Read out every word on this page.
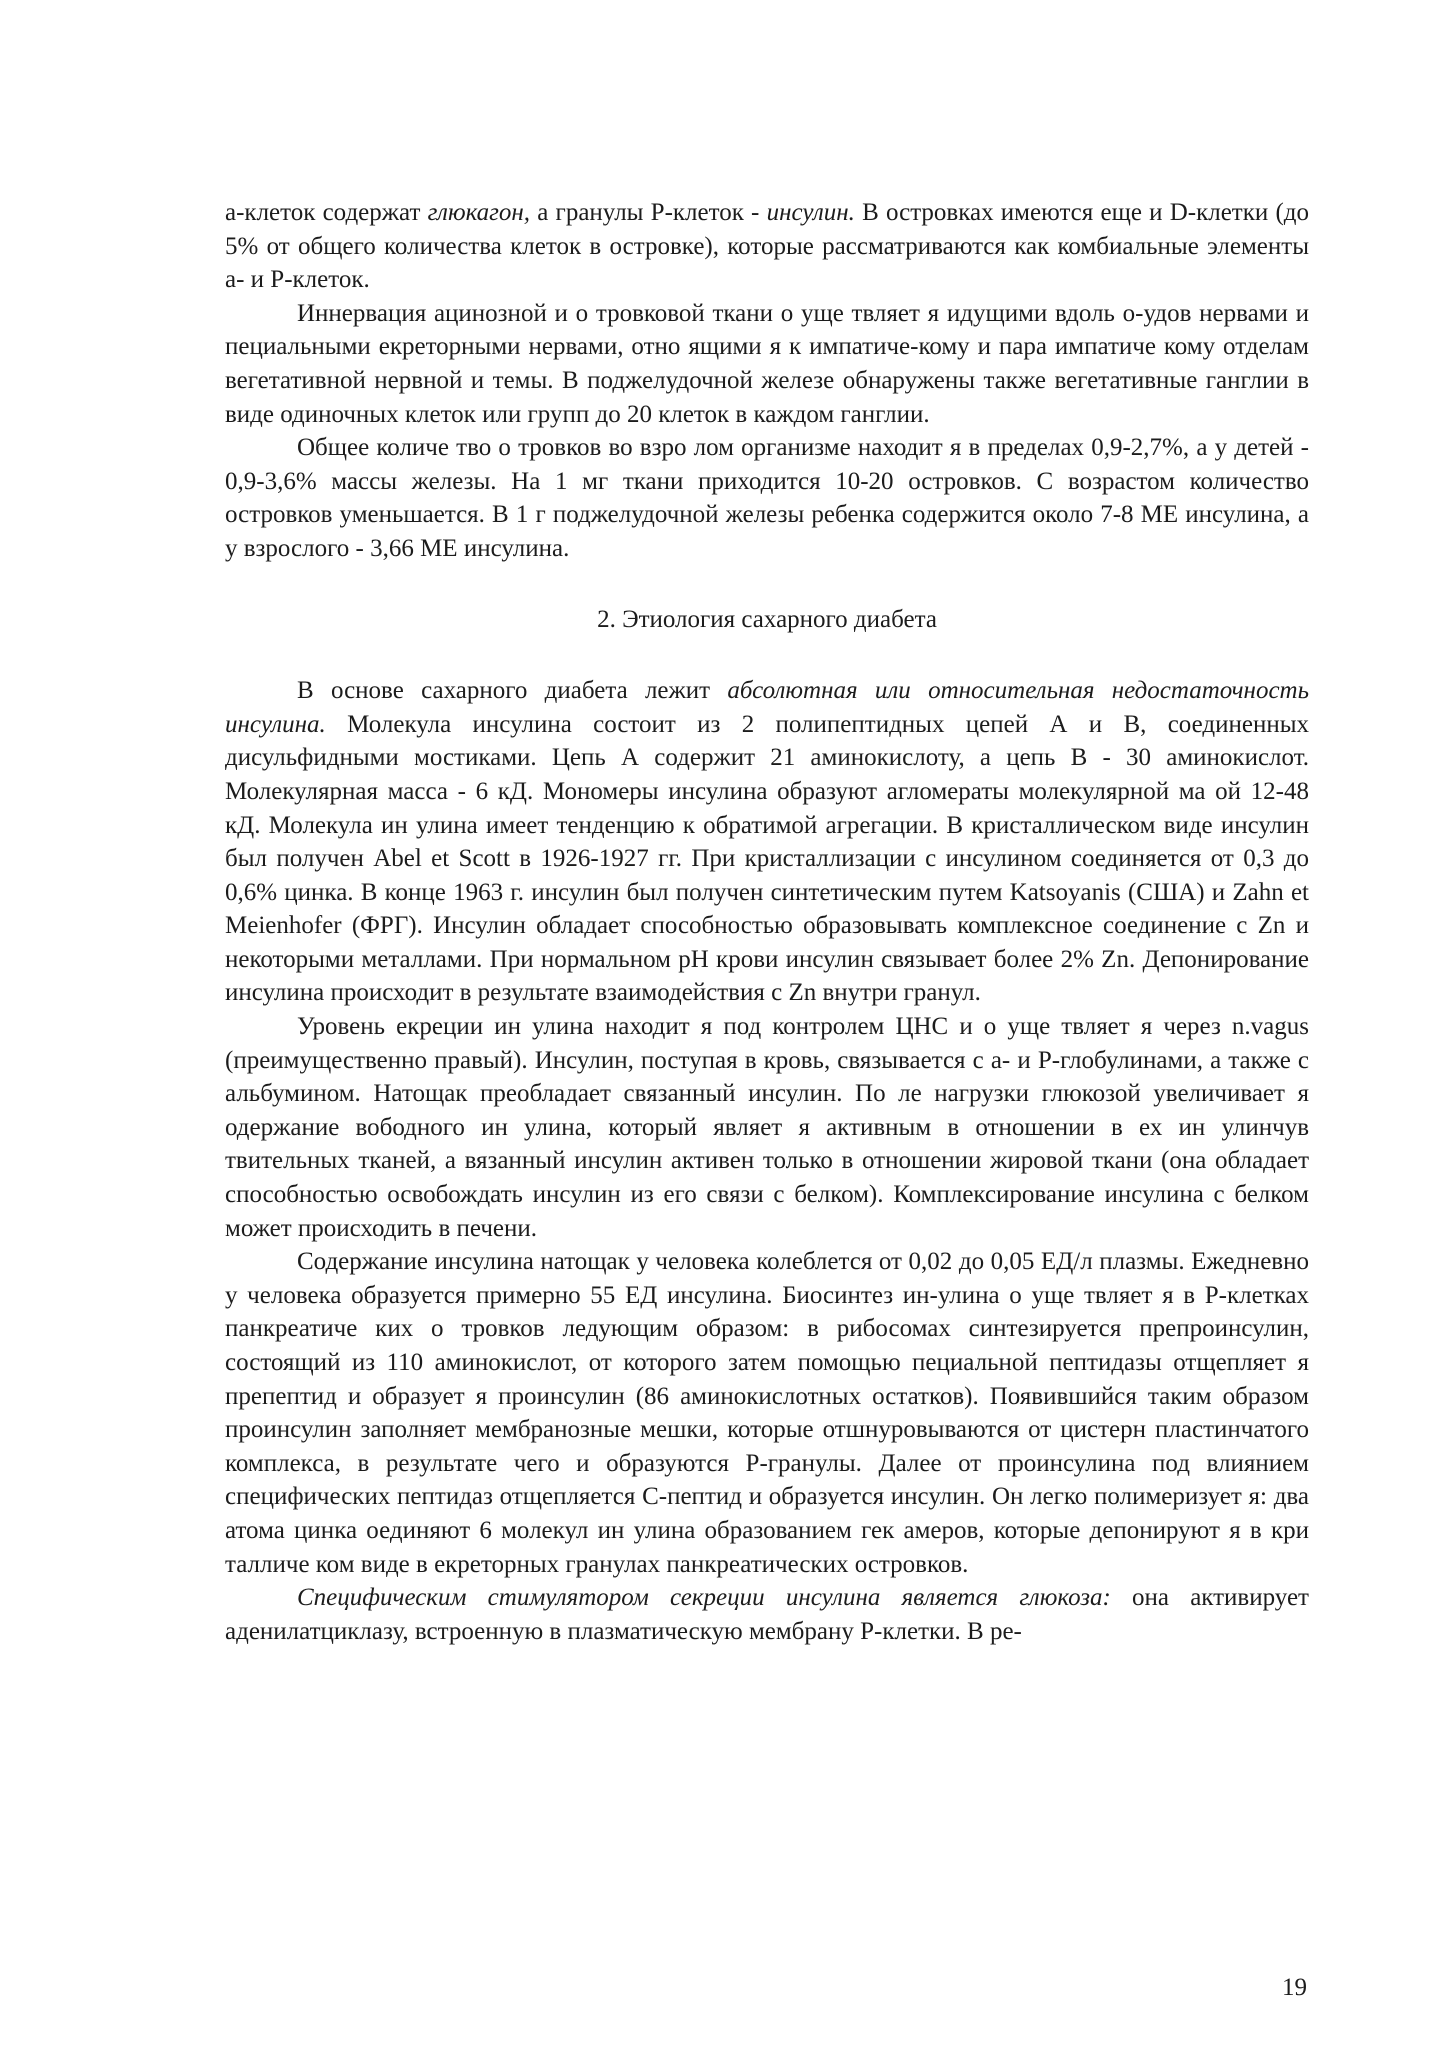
а-клеток содержат глюкагон, а гранулы Р-клеток - инсулин. В островках имеются еще и D-клетки (до 5% от общего количества клеток в островке), которые рассматриваются как комбиальные элементы а- и Р-клеток.

Иннервация ацинозной и о тровковой ткани о уще твляет я идущими вдоль о-удов нервами и пециальными екреторными нервами, отно ящими я к импатиче-кому и пара импатиче кому отделам вегетативной нервной и темы. В поджелудочной железе обнаружены также вегетативные ганглии в виде одиночных клеток или групп до 20 клеток в каждом ганглии.

Общее количе тво о тровков во взро лом организме находит я в пределах 0,9-2,7%, а у детей - 0,9-3,6% массы железы. На 1 мг ткани приходится 10-20 островков. С возрастом количество островков уменьшается. В 1 г поджелудочной железы ребенка содержится около 7-8 МЕ инсулина, а у взрослого - 3,66 МЕ инсулина.

2. Этиология сахарного диабета

В основе сахарного диабета лежит абсолютная или относительная недостаточность инсулина. Молекула инсулина состоит из 2 полипептидных цепей А и В, соединенных дисульфидными мостиками. Цепь А содержит 21 аминокислоту, а цепь В - 30 аминокислот. Молекулярная масса - 6 кД. Мономеры инсулина образуют агломераты молекулярной ма ой 12-48 кД. Молекула ин улина имеет тенденцию к обратимой агрегации. В кристаллическом виде инсулин был получен Abel et Scott в 1926-1927 гг. При кристаллизации с инсулином соединяется от 0,3 до 0,6% цинка. В конце 1963 г. инсулин был получен синтетическим путем Katsoyanis (США) и Zahn et Meienhofer (ФРГ). Инсулин обладает способностью образовывать комплексное соединение с Zn и некоторыми металлами. При нормальном pH крови инсулин связывает более 2% Zn. Депонирование инсулина происходит в результате взаимодействия с Zn внутри гранул.

Уровень екреции ин улина находит я под контролем ЦНС и о уще твляет я через n.vagus (преимущественно правый). Инсулин, поступая в кровь, связывается с а- и Р-глобулинами, а также с альбумином. Натощак преобладает связанный инсулин. По ле нагрузки глюкозой увеличивает я одержание вободного ин улина, который являет я активным в отношении в ех ин улинчув твительных тканей, а вязанный инсулин активен только в отношении жировой ткани (она обладает способностью освобождать инсулин из его связи с белком). Комплексирование инсулина с белком может происходить в печени.

Содержание инсулина натощак у человека колеблется от 0,02 до 0,05 ЕД/л плазмы. Ежедневно у человека образуется примерно 55 ЕД инсулина. Биосинтез ин-улина о уще твляет я в Р-клетках панкреатиче ких о тровков ледующим образом: в рибосомах синтезируется препроинсулин, состоящий из 110 аминокислот, от которого затем помощью пециальной пептидазы отщепляет я препептид и образует я проинсулин (86 аминокислотных остатков). Появившийся таким образом проинсулин заполняет мембранозные мешки, которые отшнуровываются от цистерн пластинчатого комплекса, в результате чего и образуются Р-гранулы. Далее от проинсулина под влиянием специфических пептидаз отщепляется С-пептид и образуется инсулин. Он легко полимеризует я: два атома цинка оединяют 6 молекул ин улина образованием гек амеров, которые депонируют я в кри талличе ком виде в екреторных гранулах панкреатических островков.

Специфическим стимулятором секреции инсулина является глюкоза: она активирует аденилатциклазу, встроенную в плазматическую мембрану Р-клетки. В ре-

19
